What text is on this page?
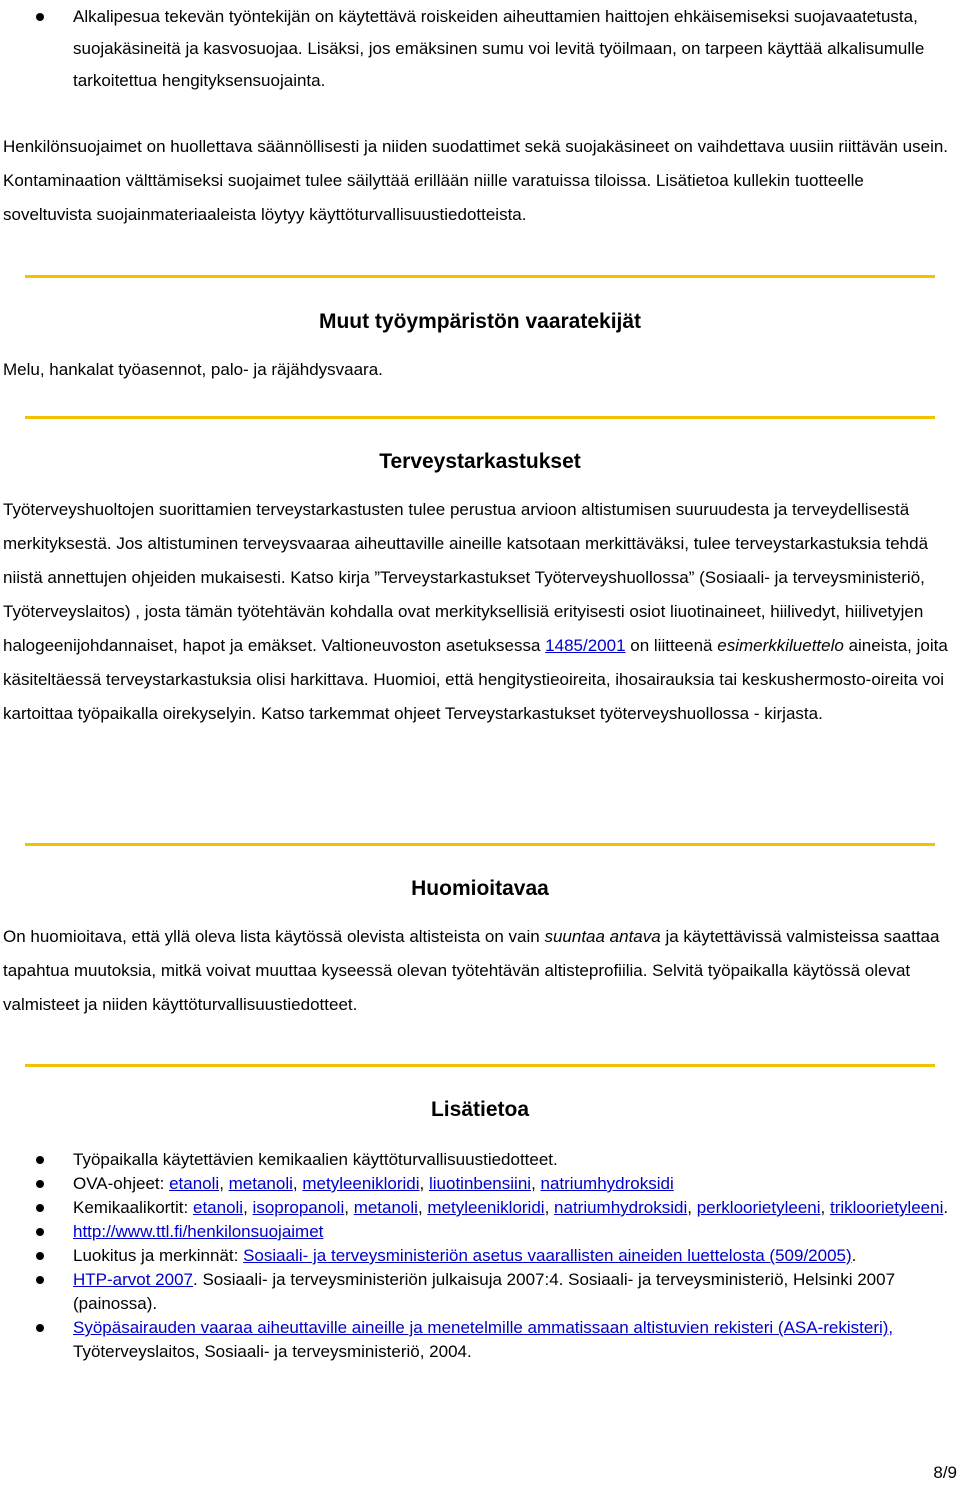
Alkalipesua tekevän työntekijän on käytettävä roiskeiden aiheuttamien haittojen ehkäisemiseksi suojavaatetusta, suojakäsineitä ja kasvosuojaa. Lisäksi, jos emäksinen sumu voi levitä työilmaan, on tarpeen käyttää alkalisumulle tarkoitettua hengityksensuojainta.

Henkilönsuojaimet on huollettava säännöllisesti ja niiden suodattimet sekä suojakäsineet on vaihdettava uusiin riittävän usein. Kontaminaation välttämiseksi suojaimet tulee säilyttää erillään niille varatuissa tiloissa. Lisätietoa kullekin tuotteelle soveltuvista suojainmateriaaleista löytyy käyttöturvallisuustiedotteista.

Muut työympäristön vaaratekijät

Melu, hankalat työasennot, palo- ja räjähdysvaara.

Terveystarkastukset

Työterveyshuoltojen suorittamien terveystarkastusten tulee perustua arvioon altistumisen suuruudesta ja terveydellisestä merkityksestä. Jos altistuminen terveysvaaraa aiheuttaville aineille katsotaan merkittäväksi, tulee terveystarkastuksia tehdä niistä annettujen ohjeiden mukaisesti. Katso kirja ”Terveystarkastukset Työterveyshuollossa” (Sosiaali- ja terveysministeriö, Työterveyslaitos) , josta tämän työtehtävän kohdalla ovat merkityksellisiä erityisesti osiot liuotinaineet, hiilivedyt, hiilivetyjen halogeenijohdannaiset, hapot ja emäkset. Valtioneuvoston asetuksessa 1485/2001 on liitteenä esimerkkiluettelo aineista, joita käsiteltäessä terveystarkastuksia olisi harkittava. Huomioi, että hengitystieoireita, ihosairauksia tai keskushermosto-oireita voi kartoittaa työpaikalla oirekyselyin. Katso tarkemmat ohjeet Terveystarkastukset työterveyshuollossa - kirjasta.

Huomioitavaa

On huomioitava, että yllä oleva lista käytössä olevista altisteista on vain suuntaa antava ja käytettävissä valmisteissa saattaa tapahtua muutoksia, mitkä voivat muuttaa kyseessä olevan työtehtävän altisteprofiilia. Selvitä työpaikalla käytössä olevat valmisteet ja niiden käyttöturvallisuustiedotteet.

Lisätietoa
Työpaikalla käytettävien kemikaalien käyttöturvallisuustiedotteet.
OVA-ohjeet: etanoli, metanoli, metyleenikloridi, liuotinbensiini, natriumhydroksidi
Kemikaalikortit: etanoli, isopropanoli, metanoli, metyleenikloridi, natriumhydroksidi, perkloorietyleeni, trikloorietyleeni.
http://www.ttl.fi/henkilonsuojaimet
Luokitus ja merkinnät: Sosiaali- ja terveysministeriön asetus vaarallisten aineiden luettelosta (509/2005).
HTP-arvot 2007. Sosiaali- ja terveysministeriön julkaisuja 2007:4. Sosiaali- ja terveysministeriö, Helsinki 2007 (painossa).
Syöpäsairauden vaaraa aiheuttaville aineille ja menetelmille ammatissaan altistuvien rekisteri (ASA-rekisteri), Työterveyslaitos, Sosiaali- ja terveysministeriö, 2004.
8/9
